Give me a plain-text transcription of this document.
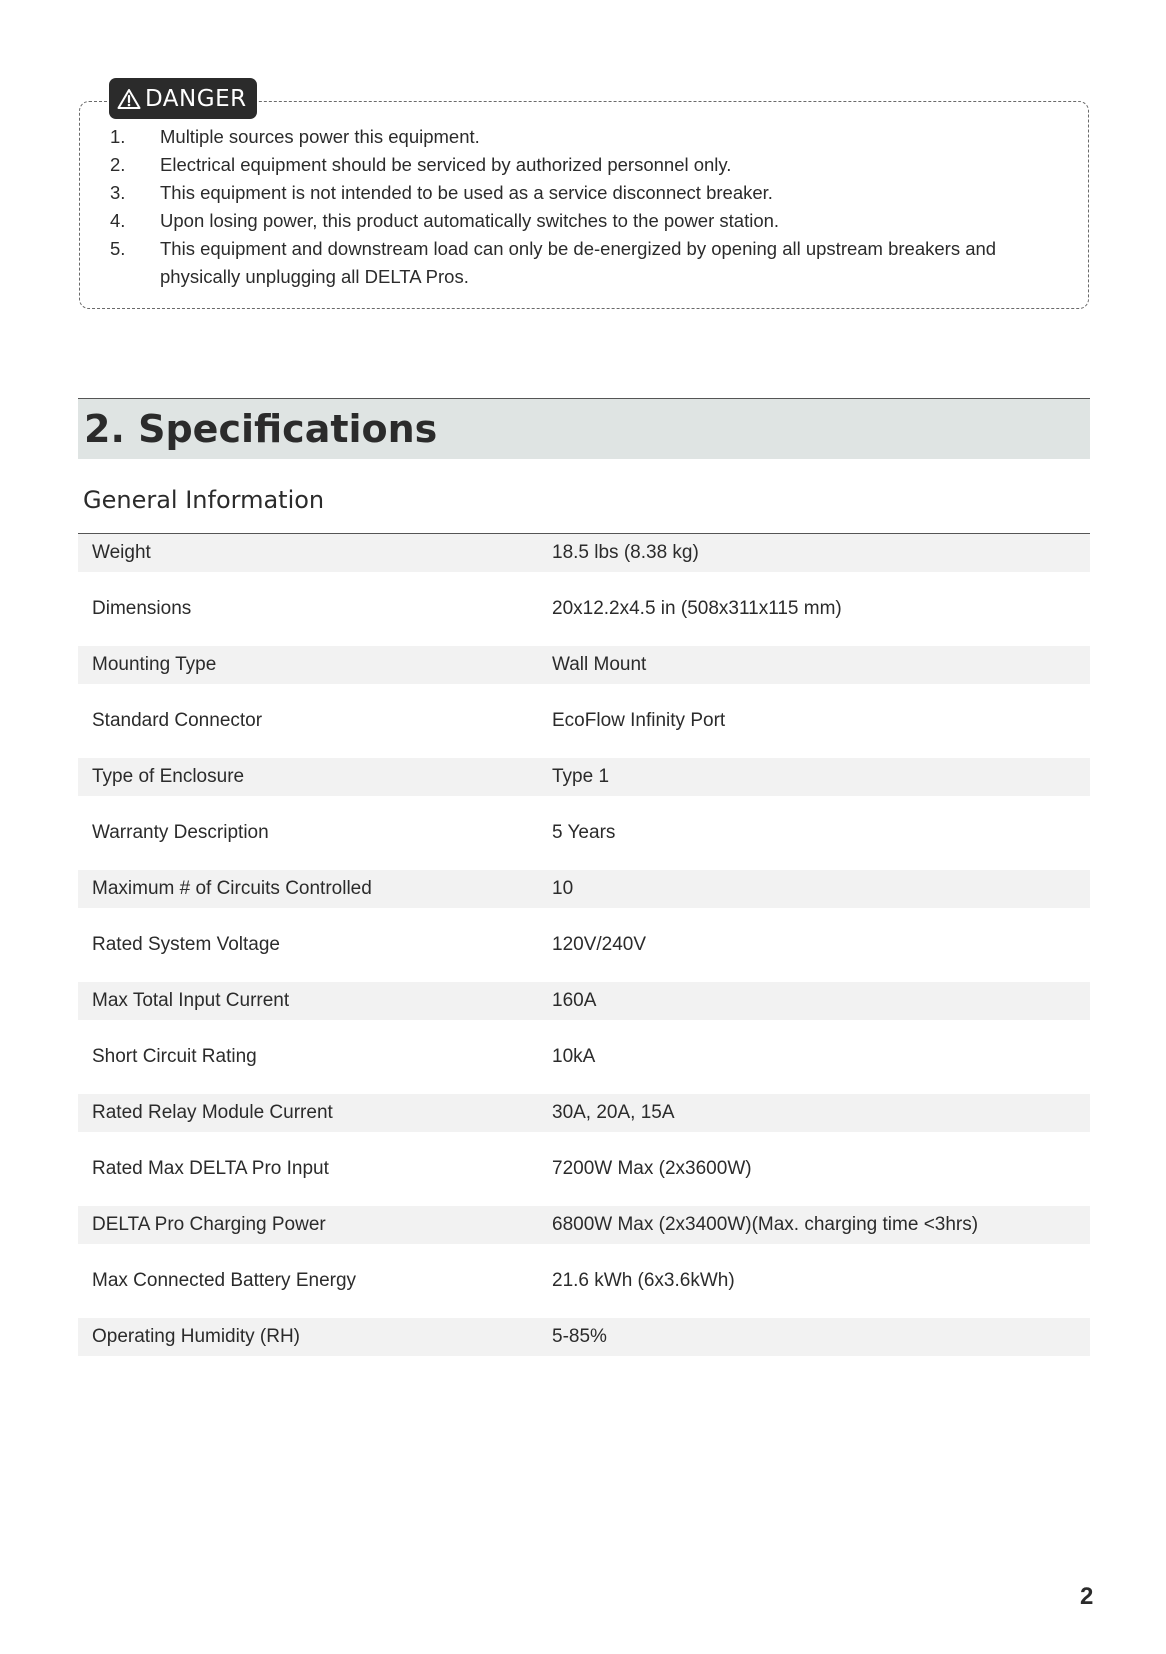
DANGER
1.	Multiple sources power this equipment.
2.	Electrical equipment should be serviced by authorized personnel only.
3.	This equipment is not intended to be used as a service disconnect breaker.
4.	Upon losing power, this product automatically switches to the power station.
5.	This equipment and downstream load can only be de-energized by opening all upstream breakers and physically unplugging all DELTA Pros.
2. Specifications
General Information
Weight	18.5 lbs (8.38 kg)
Dimensions	20x12.2x4.5 in (508x311x115 mm)
Mounting Type	Wall Mount
Standard Connector	EcoFlow Infinity Port
Type of Enclosure	Type 1
Warranty Description	5 Years
Maximum # of Circuits Controlled	10
Rated System Voltage	120V/240V
Max Total Input Current	160A
Short Circuit Rating	10kA
Rated Relay Module Current	30A, 20A, 15A
Rated Max DELTA Pro Input	7200W Max (2x3600W)
DELTA Pro Charging Power	6800W Max (2x3400W)(Max. charging time <3hrs)
Max Connected Battery Energy	21.6 kWh (6x3.6kWh)
Operating Humidity (RH)	5-85%
2
